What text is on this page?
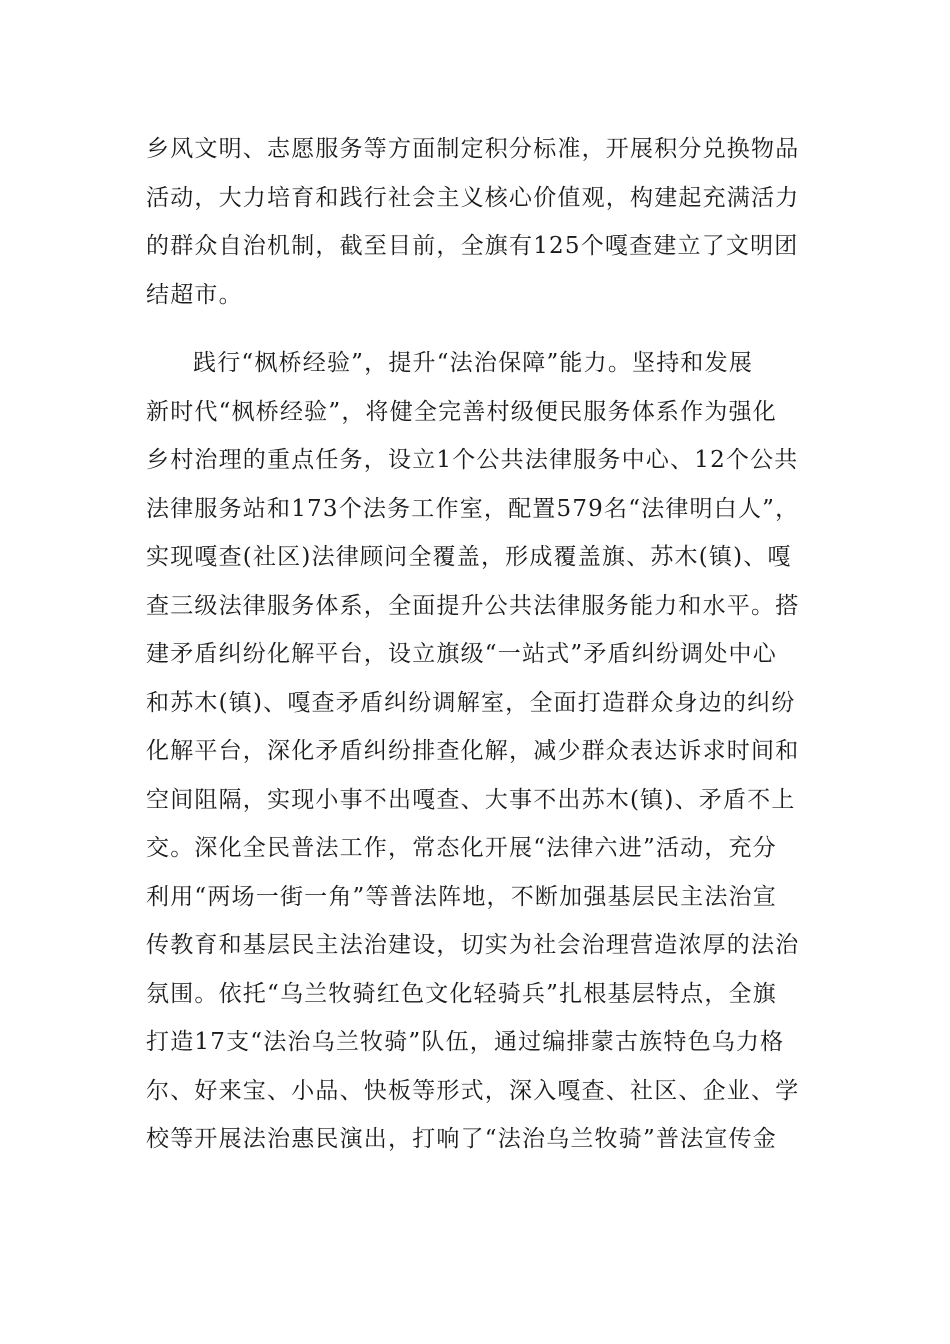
乡风文明、志愿服务等方面制定积分标准，开展积分兑换物品
活动，大力培育和践行社会主义核心价值观，构建起充满活力
的群众自治机制，截至目前，全旗有125个嘎查建立了文明团
结超市。
践行“枫桥经验”，提升“法治保障”能力。坚持和发展
新时代“枫桥经验”，将健全完善村级便民服务体系作为强化
乡村治理的重点任务，设立1个公共法律服务中心、12个公共
法律服务站和173个法务工作室，配置579名“法律明白人”，
实现嘎查(社区)法律顾问全覆盖，形成覆盖旗、苏木(镇)、嘎
查三级法律服务体系，全面提升公共法律服务能力和水平。搭
建矛盾纠纷化解平台，设立旗级“一站式”矛盾纠纷调处中心
和苏木(镇)、嘎查矛盾纠纷调解室，全面打造群众身边的纠纷
化解平台，深化矛盾纠纷排查化解，减少群众表达诉求时间和
空间阻隔，实现小事不出嘎查、大事不出苏木(镇)、矛盾不上
交。深化全民普法工作，常态化开展“法律六进”活动，充分
利用“两场一街一角”等普法阵地，不断加强基层民主法治宣
传教育和基层民主法治建设，切实为社会治理营造浓厚的法治
氛围。依托“乌兰牧骑红色文化轻骑兵”扎根基层特点，全旗
打造17支“法治乌兰牧骑”队伍，通过编排蒙古族特色乌力格
尔、好来宝、小品、快板等形式，深入嘎查、社区、企业、学
校等开展法治惠民演出，打响了“法治乌兰牧骑”普法宣传金
